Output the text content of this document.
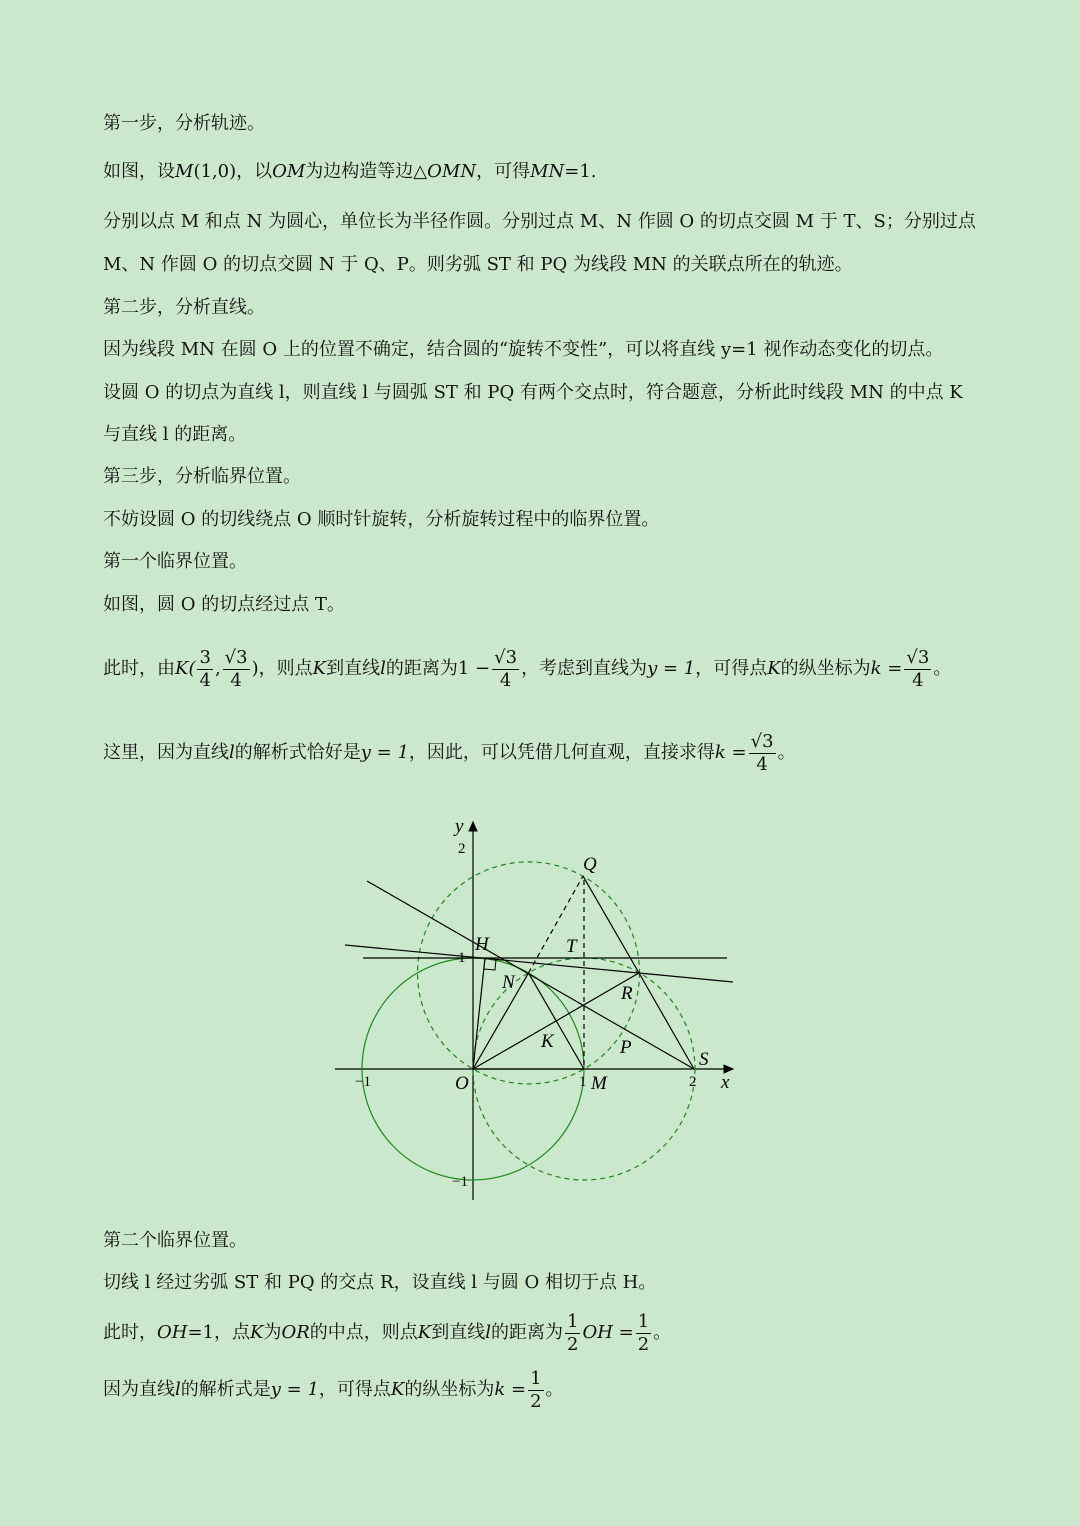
第一步，分析轨迹。
如图，设M(1,0)，以OM为边构造等边△OMN，可得MN=1.
分别以点 M 和点 N 为圆心，单位长为半径作圆。分别过点 M、N 作圆 O 的切点交圆 M 于 T、S；分别过点
M、N 作圆 O 的切点交圆 N 于 Q、P。则劣弧 ST 和 PQ 为线段 MN 的关联点所在的轨迹。
第二步，分析直线。
因为线段 MN 在圆 O 上的位置不确定，结合圆的“旋转不变性”，可以将直线 y=1 视作动态变化的切点。
设圆 O 的切点为直线 l，则直线 l 与圆弧 ST 和 PQ 有两个交点时，符合题意，分析此时线段 MN 的中点 K
与直线 l 的距离。
第三步，分析临界位置。
不妨设圆 O 的切线绕点 O 顺时针旋转，分析旋转过程中的临界位置。
第一个临界位置。
如图，圆 O 的切点经过点 T。
此时，由$K( \frac{3}{4}$ , $\frac{√3}{4}$ )，则点K到直线l的距离为$1 - \frac{√3}{4}$ ，考虑到直线为y = 1，可得点K的纵坐标为$k = \frac{√3}{4}$ 。
这里，因为直线l的解析式恰好是y = 1，因此，可以凭借几何直观，直接求得$k = \frac{√3}{4}$ 。
2
1
−1
−1	1	2
y
x
Q
H	T
N
R
K	P
S
O	M
第二个临界位置。
切线 l 经过劣弧 ST 和 PQ 的交点 R，设直线 l 与圆 O 相切于点 H。
此时，OH=1，点K为OR的中点，则点K到直线l的距离为 $\frac{1}{2}$ OH = $\frac{1}{2}$ 。
因为直线l的解析式是y = 1，可得点K的纵坐标为$k = \frac{1}{2}$ 。
